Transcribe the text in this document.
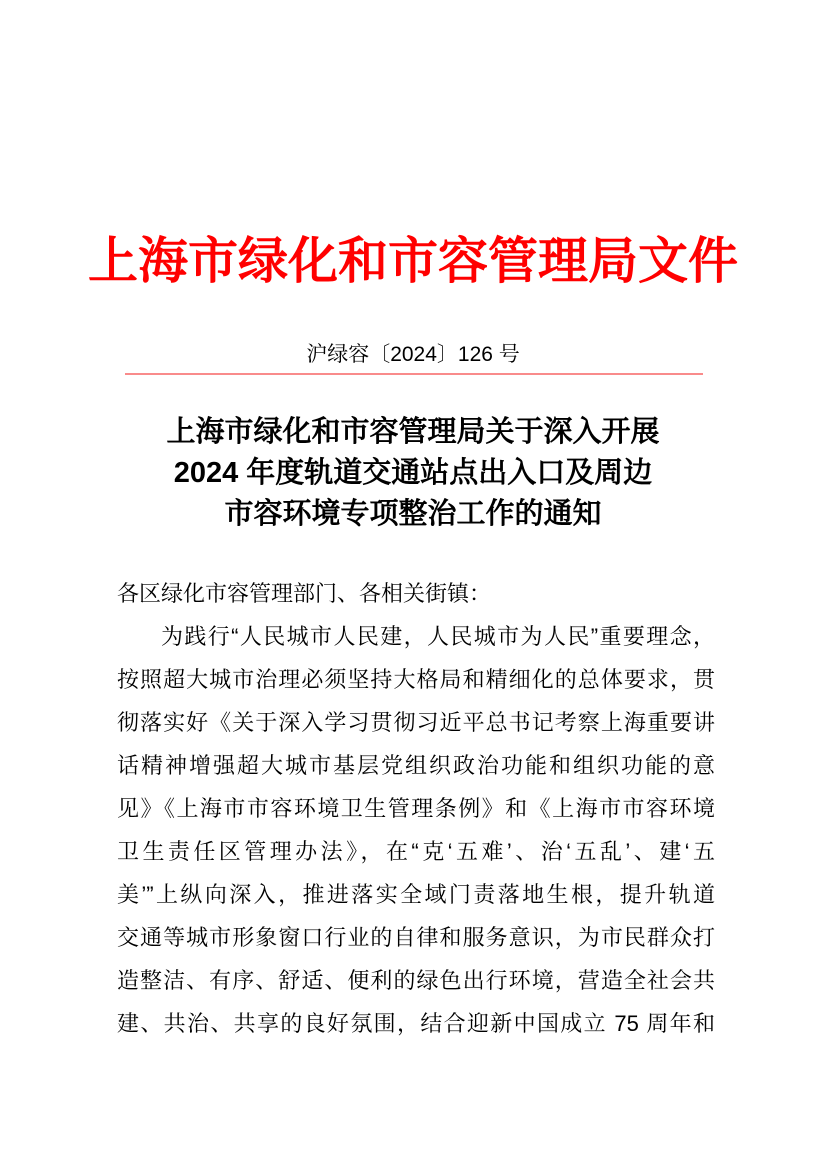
上海市绿化和市容管理局文件
沪绿容〔2024〕126 号
上海市绿化和市容管理局关于深入开展
2024 年度轨道交通站点出入口及周边
市容环境专项整治工作的通知
各区绿化市容管理部门、各相关街镇：
为践行“人民城市人民建，人民城市为人民”重要理念，
按照超大城市治理必须坚持大格局和精细化的总体要求，贯
彻落实好《关于深入学习贯彻习近平总书记考察上海重要讲
话精神增强超大城市基层党组织政治功能和组织功能的意
见》《上海市市容环境卫生管理条例》和《上海市市容环境
卫生责任区管理办法》，在“克‘五难’、治‘五乱’、建‘五
美’”上纵向深入，推进落实全域门责落地生根，提升轨道
交通等城市形象窗口行业的自律和服务意识，为市民群众打
造整洁、有序、舒适、便利的绿色出行环境，营造全社会共
建、共治、共享的良好氛围，结合迎新中国成立 75 周年和
